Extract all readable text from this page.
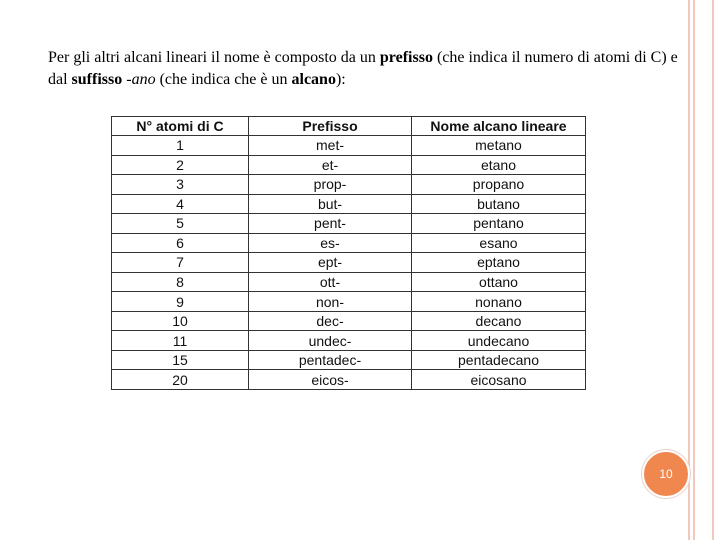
Per gli altri alcani lineari il nome è composto da un prefisso (che indica il numero di atomi di C) e dal suffisso -ano (che indica che è un alcano):

N° atomi di C	Prefisso	Nome alcano lineare
1	met-	metano
2	et-	etano
3	prop-	propano
4	but-	butano
5	pent-	pentano
6	es-	esano
7	ept-	eptano
8	ott-	ottano
9	non-	nonano
10	dec-	decano
11	undec-	undecano
15	pentadec-	pentadecano
20	eicos-	eicosano
10
